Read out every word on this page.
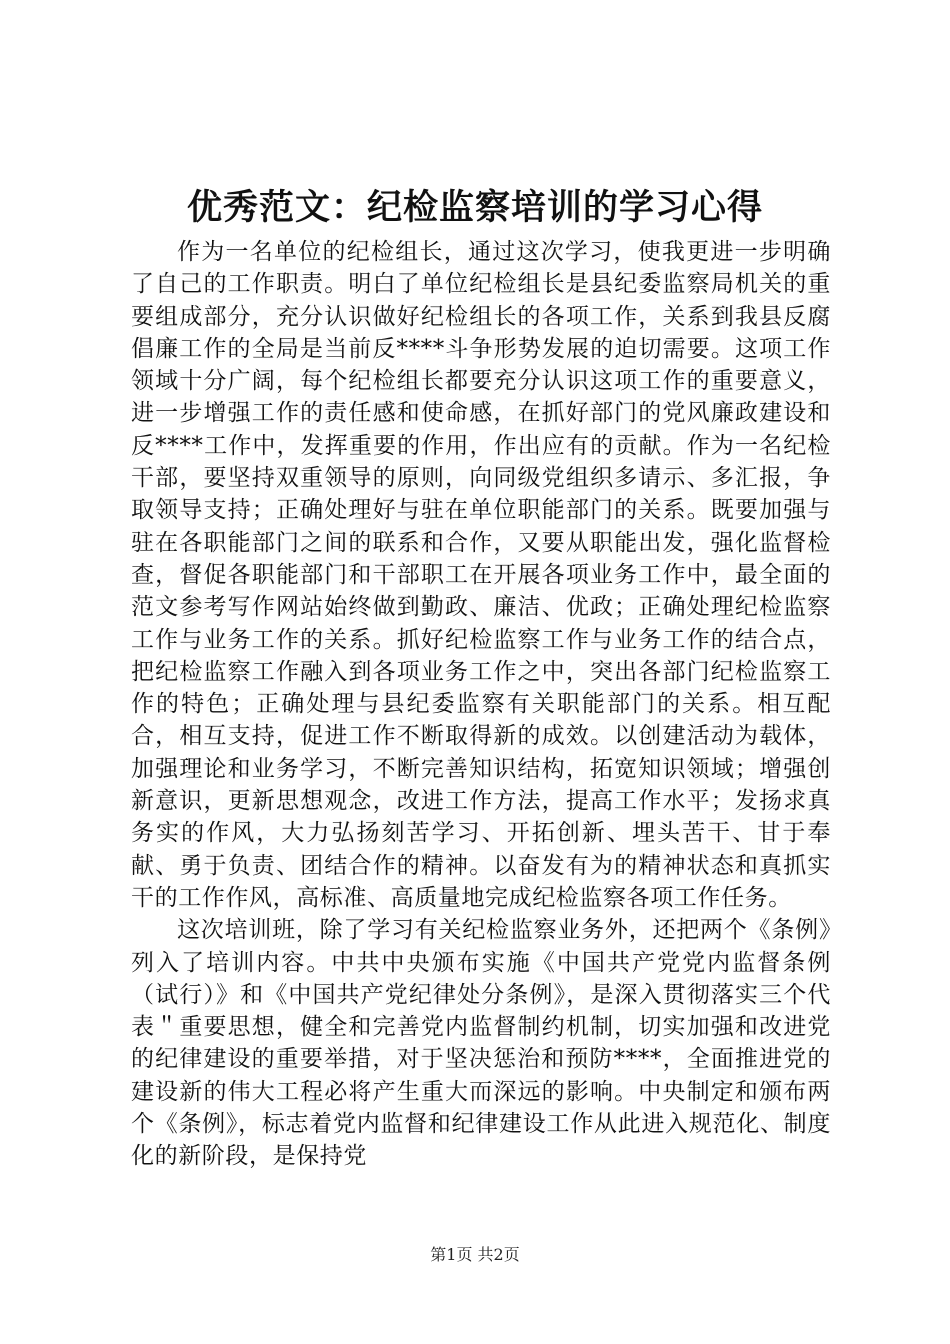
优秀范文：纪检监察培训的学习心得

作为一名单位的纪检组长，通过这次学习，使我更进一步明确了自己的工作职责。明白了单位纪检组长是县纪委监察局机关的重要组成部分，充分认识做好纪检组长的各项工作，关系到我县反腐倡廉工作的全局是当前反****斗争形势发展的迫切需要。这项工作领域十分广阔，每个纪检组长都要充分认识这项工作的重要意义，进一步增强工作的责任感和使命感，在抓好部门的党风廉政建设和反****工作中，发挥重要的作用，作出应有的贡献。作为一名纪检干部，要坚持双重领导的原则，向同级党组织多请示、多汇报，争取领导支持；正确处理好与驻在单位职能部门的关系。既要加强与驻在各职能部门之间的联系和合作，又要从职能出发，强化监督检查，督促各职能部门和干部职工在开展各项业务工作中，最全面的范文参考写作网站始终做到勤政、廉洁、优政；正确处理纪检监察工作与业务工作的关系。抓好纪检监察工作与业务工作的结合点，把纪检监察工作融入到各项业务工作之中，突出各部门纪检监察工作的特色；正确处理与县纪委监察有关职能部门的关系。相互配合，相互支持，促进工作不断取得新的成效。以创建活动为载体，加强理论和业务学习，不断完善知识结构，拓宽知识领域；增强创新意识，更新思想观念，改进工作方法，提高工作水平；发扬求真务实的作风，大力弘扬刻苦学习、开拓创新、埋头苦干、甘于奉献、勇于负责、团结合作的精神。以奋发有为的精神状态和真抓实干的工作作风，高标准、高质量地完成纪检监察各项工作任务。

这次培训班，除了学习有关纪检监察业务外，还把两个《条例》列入了培训内容。中共中央颁布实施《中国共产党党内监督条例（试行）》和《中国共产党纪律处分条例》，是深入贯彻落实三个代表＂重要思想，健全和完善党内监督制约机制，切实加强和改进党的纪律建设的重要举措，对于坚决惩治和预防****，全面推进党的建设新的伟大工程必将产生重大而深远的影响。中央制定和颁布两个《条例》，标志着党内监督和纪律建设工作从此进入规范化、制度化的新阶段，是保持党

第1页 共2页
